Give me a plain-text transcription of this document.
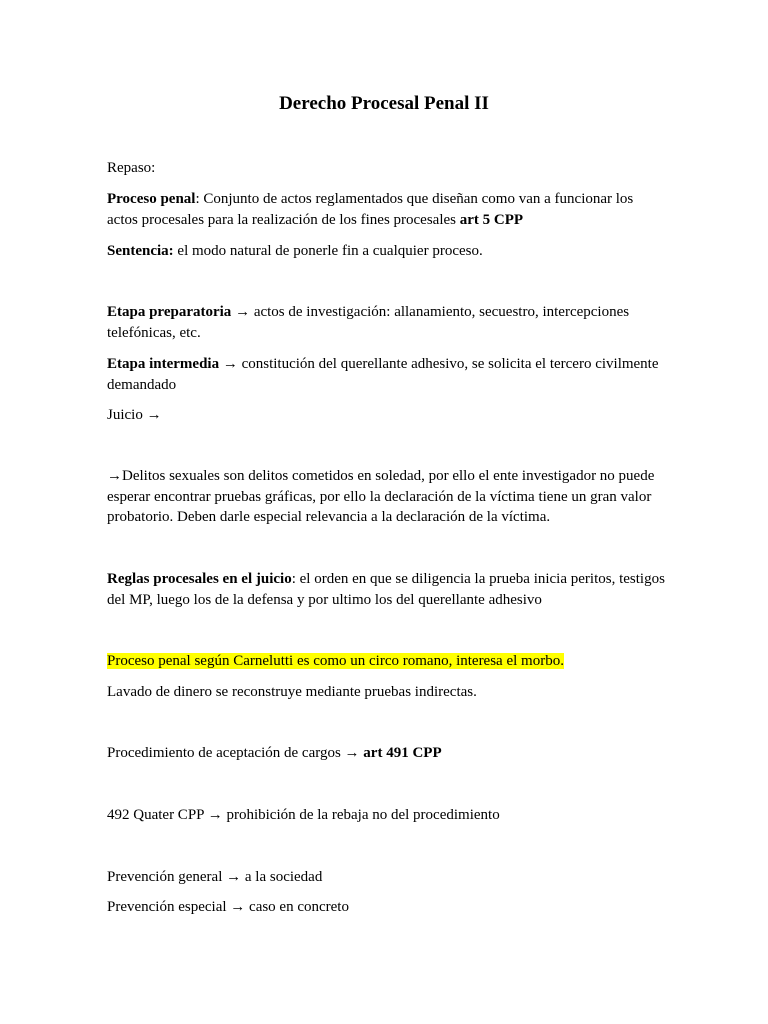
Derecho Procesal Penal II

Repaso:

Proceso penal: Conjunto de actos reglamentados que diseñan como van a funcionar los actos procesales para la realización de los fines procesales art 5 CPP

Sentencia: el modo natural de ponerle fin a cualquier proceso.

Etapa preparatoria → actos de investigación: allanamiento, secuestro, intercepciones telefónicas, etc.

Etapa intermedia → constitución del querellante adhesivo, se solicita el tercero civilmente demandado

Juicio →

→Delitos sexuales son delitos cometidos en soledad, por ello el ente investigador no puede esperar encontrar pruebas gráficas, por ello la declaración de la víctima tiene un gran valor probatorio. Deben darle especial relevancia a la declaración de la víctima.

Reglas procesales en el juicio: el orden en que se diligencia la prueba inicia peritos, testigos del MP, luego los de la defensa y por ultimo los del querellante adhesivo

Proceso penal según Carnelutti es como un circo romano, interesa el morbo.

Lavado de dinero se reconstruye mediante pruebas indirectas.

Procedimiento de aceptación de cargos → art 491 CPP

492 Quater CPP → prohibición de la rebaja no del procedimiento

Prevención general → a la sociedad

Prevención especial → caso en concreto
